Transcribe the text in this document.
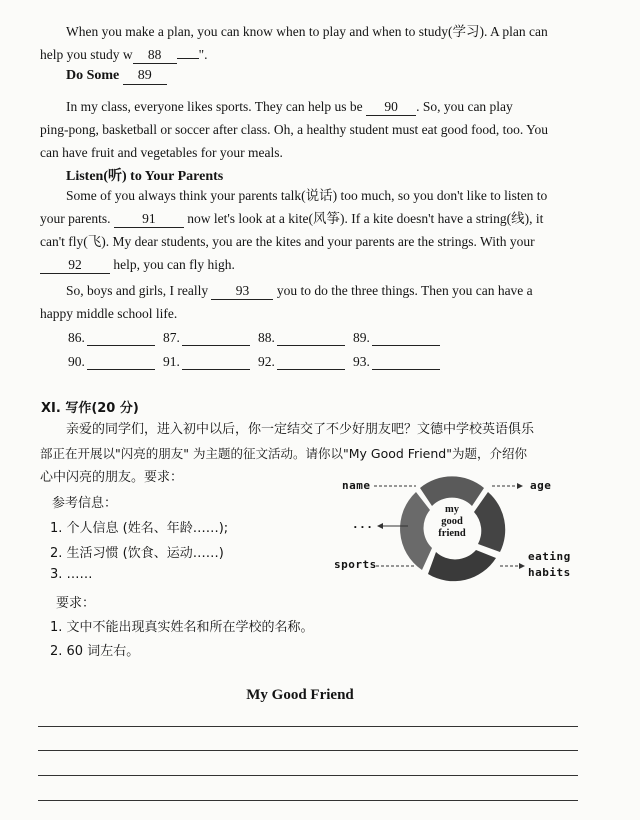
When you make a plan, you can know when to play and when to study(学习). A plan can
help you study w 88	".

Do Some 89

In my class, everyone likes sports. They can help us be 90 . So, you can play
ping-pong, basketball or soccer after class. Oh, a healthy student must eat good food, too. You
can have fruit and vegetables for your meals.

Listen(听) to Your Parents

Some of you always think your parents talk(说话) too much, so you don't like to listen to
your parents. 91 now let's look at a kite(风筝). If a kite doesn't have a string(线), it
can't fly(飞). My dear students, you are the kites and your parents are the strings. With your
92 help, you can fly high.

So, boys and girls, I really 93 you to do the three things. Then you can have a
happy middle school life.

86.	87.	88.	89.
90.	91.	92.	93.
XI. 写作(20 分)
亲爱的同学们，进入初中以后，你一定结交了不少好朋友吧？文德中学校英语俱乐
部正在开展以"闪亮的朋友" 为主题的征文活动。请你以"My Good Friend"为题，介绍你
心中闪亮的朋友。要求：
参考信息：
1. 个人信息 (姓名、年龄……);
2. 生活习惯 (饮食、运动……)
3. ……
要求：
1. 文中不能出现真实姓名和所在学校的名称。
2. 60 词左右。
name	age
...
sports
eating
habits
my
good
friend
My Good Friend
